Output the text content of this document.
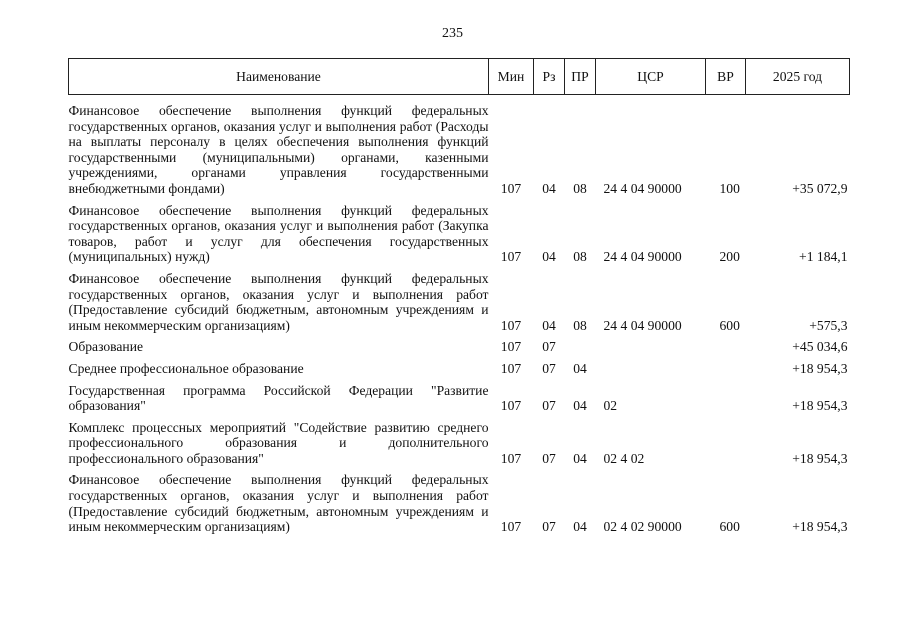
235
Наименование	Мин	Рз	ПР	ЦСР	ВР	2025 год
Финансовое обеспечение выполнения функций федеральных государственных органов, оказания услуг и выполнения работ (Расходы на выплаты персоналу в целях обеспечения выполнения функций государственными (муниципальными) органами, казенными учреждениями, органами управления государственными внебюджетными фондами)	107	04	08	24 4 04 90000	100	+35 072,9
Финансовое обеспечение выполнения функций федеральных государственных органов, оказания услуг и выполнения работ (Закупка товаров, работ и услуг для обеспечения государственных (муниципальных) нужд)	107	04	08	24 4 04 90000	200	+1 184,1
Финансовое обеспечение выполнения функций федеральных государственных органов, оказания услуг и выполнения работ (Предоставление субсидий бюджетным, автономным учреждениям и иным некоммерческим организациям)	107	04	08	24 4 04 90000	600	+575,3
Образование	107	07				+45 034,6
Среднее профессиональное образование	107	07	04			+18 954,3
Государственная программа Российской Федерации "Развитие образования"	107	07	04	02		+18 954,3
Комплекс процессных мероприятий "Содействие развитию среднего профессионального образования и дополнительного профессионального образования"	107	07	04	02 4 02		+18 954,3
Финансовое обеспечение выполнения функций федеральных государственных органов, оказания услуг и выполнения работ (Предоставление субсидий бюджетным, автономным учреждениям и иным некоммерческим организациям)	107	07	04	02 4 02 90000	600	+18 954,3
